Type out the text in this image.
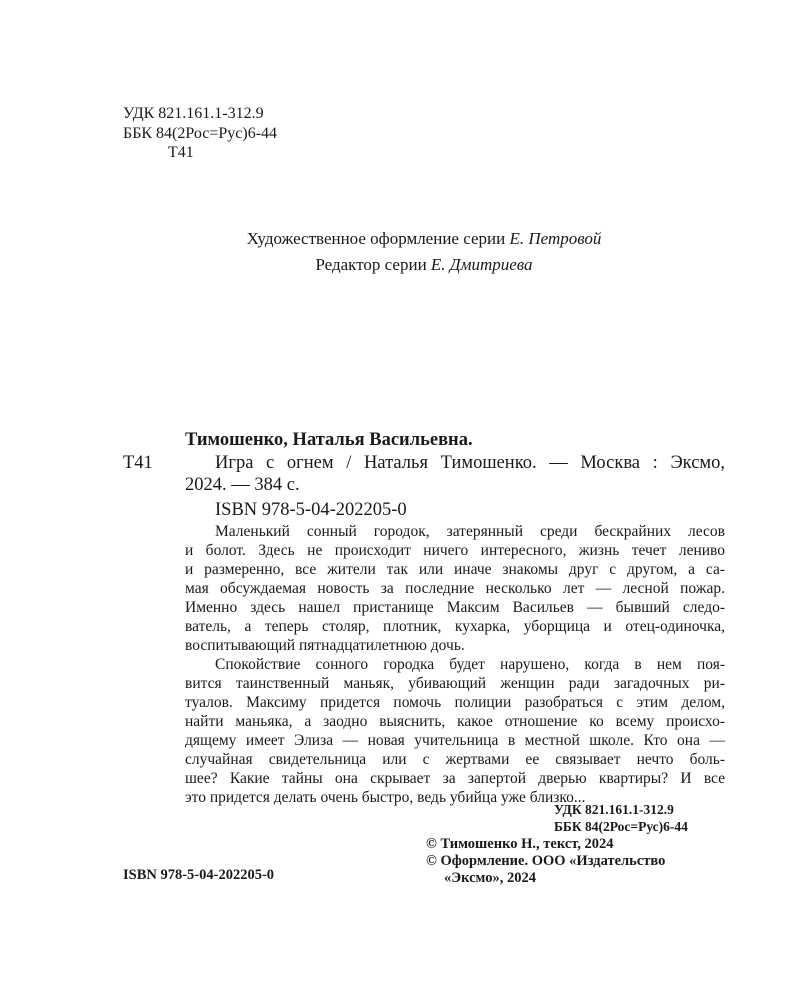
УДК 821.161.1-312.9
ББК 84(2Рос=Рус)6-44
Т41
Художественное оформление серии Е. Петровой
Редактор серии Е. Дмитриева
Тимошенко, Наталья Васильевна.
Т41	Игра с огнем / Наталья Тимошенко. — Москва : Эксмо,
2024. — 384 с.
ISBN 978-5-04-202205-0
Маленький сонный городок, затерянный среди бескрайних лесов
и болот. Здесь не происходит ничего интересного, жизнь течет лениво
и размеренно, все жители так или иначе знакомы друг с другом, а са-
мая обсуждаемая новость за последние несколько лет — лесной пожар.
Именно здесь нашел пристанище Максим Васильев — бывший следо-
ватель, а теперь столяр, плотник, кухарка, уборщица и отец-одиночка,
воспитывающий пятнадцатилетнюю дочь.
Спокойствие сонного городка будет нарушено, когда в нем поя-
вится таинственный маньяк, убивающий женщин ради загадочных ри-
туалов. Максиму придется помочь полиции разобраться с этим делом,
найти маньяка, а заодно выяснить, какое отношение ко всему происхо-
дящему имеет Элиза — новая учительница в местной школе. Кто она —
случайная свидетельница или с жертвами ее связывает нечто боль-
шее? Какие тайны она скрывает за запертой дверью квартиры? И все
это придется делать очень быстро, ведь убийца уже близко...
УДК 821.161.1-312.9
ББК 84(2Рос=Рус)6-44
© Тимошенко Н., текст, 2024
© Оформление. ООО «Издательство
«Эксмо», 2024
ISBN 978-5-04-202205-0
